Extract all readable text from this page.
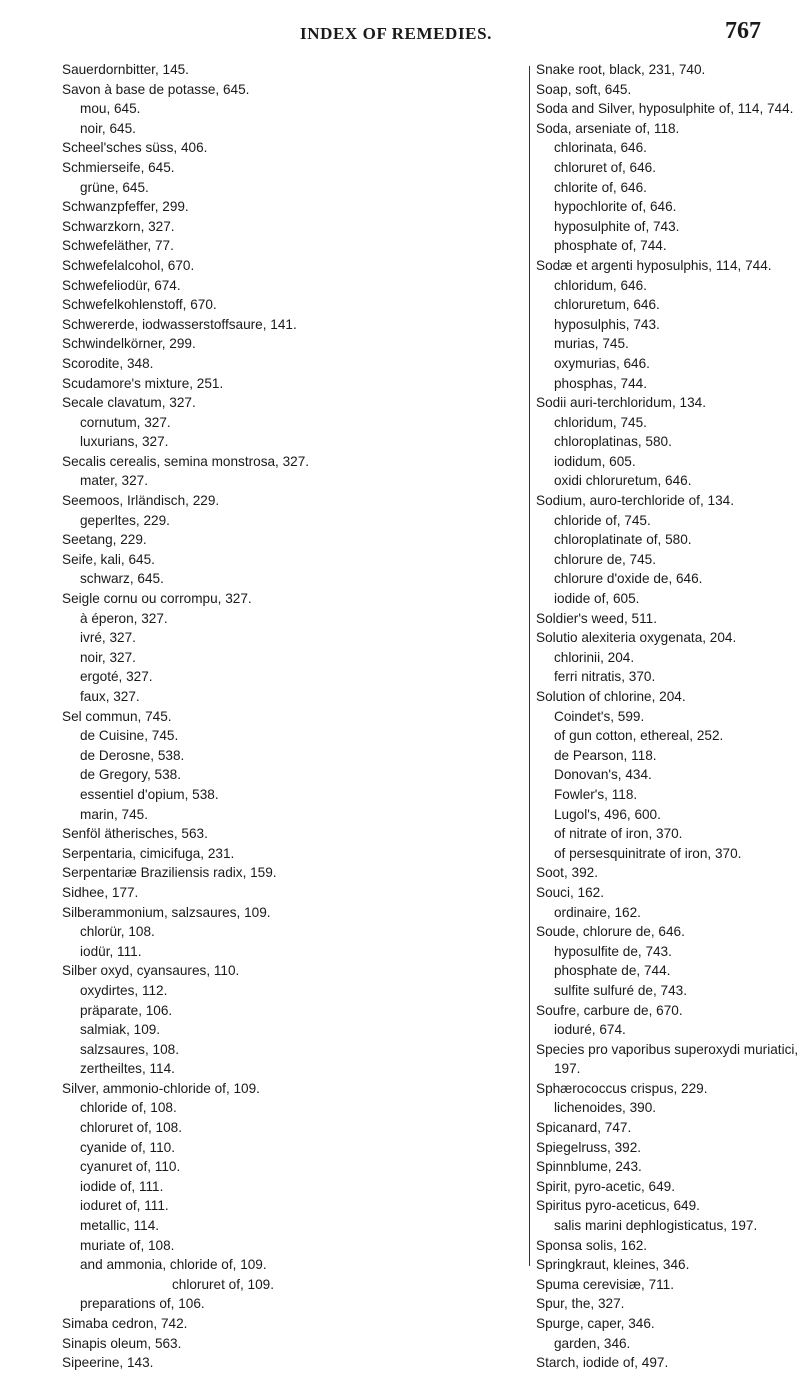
INDEX OF REMEDIES.	767
Sauerdornbitter, 145.
Savon à base de potasse, 645.
mou, 645.
noir, 645.
Scheel'sches süss, 406.
Schmierseife, 645.
grüne, 645.
Schwanzpfeffer, 299.
Schwarzkorn, 327.
Schwefeläther, 77.
Schwefelalcohol, 670.
Schwefeliodür, 674.
Schwefelkohlenstoff, 670.
Schwererde, iodwasserstoffsaure, 141.
Schwindelkörner, 299.
Scorodite, 348.
Scudamore's mixture, 251.
Secale clavatum, 327.
cornutum, 327.
luxurians, 327.
Secalis cerealis, semina monstrosa, 327.
mater, 327.
Seemoos, Irländisch, 229.
geperltes, 229.
Seetang, 229.
Seife, kali, 645.
schwarz, 645.
Seigle cornu ou corrompu, 327.
à éperon, 327.
ivré, 327.
noir, 327.
ergoté, 327.
faux, 327.
Sel commun, 745.
de Cuisine, 745.
de Derosne, 538.
de Gregory, 538.
essentiel d'opium, 538.
marin, 745.
Senföl ätherisches, 563.
Serpentaria, cimicifuga, 231.
Serpentariæ Braziliensis radix, 159.
Sidhee, 177.
Silberammonium, salzsaures, 109.
chlorür, 108.
iodür, 111.
Silber oxyd, cyansaures, 110.
oxydirtes, 112.
präparate, 106.
salmiak, 109.
salzsaures, 108.
zertheiltes, 114.
Silver, ammonio-chloride of, 109.
chloride of, 108.
chloruret of, 108.
cyanide of, 110.
cyanuret of, 110.
iodide of, 111.
ioduret of, 111.
metallic, 114.
muriate of, 108.
and ammonia, chloride of, 109.
chloruret of, 109.
preparations of, 106.
Simaba cedron, 742.
Sinapis oleum, 563.
Sipeerine, 143.
Snake root, black, 231, 740.
Soap, soft, 645.
Soda and Silver, hyposulphite of, 114, 744.
Soda, arseniate of, 118.
chlorinata, 646.
chloruret of, 646.
chlorite of, 646.
hypochlorite of, 646.
hyposulphite of, 743.
phosphate of, 744.
Sodæ et argenti hyposulphis, 114, 744.
chloridum, 646.
chloruretum, 646.
hyposulphis, 743.
murias, 745.
oxymurias, 646.
phosphas, 744.
Sodii auri-terchloridum, 134.
chloridum, 745.
chloroplatinas, 580.
iodidum, 605.
oxidi chloruretum, 646.
Sodium, auro-terchloride of, 134.
chloride of, 745.
chloroplatinate of, 580.
chlorure de, 745.
chlorure d'oxide de, 646.
iodide of, 605.
Soldier's weed, 511.
Solutio alexiteria oxygenata, 204.
chlorinii, 204.
ferri nitratis, 370.
Solution of chlorine, 204.
Coindet's, 599.
of gun cotton, ethereal, 252.
de Pearson, 118.
Donovan's, 434.
Fowler's, 118.
Lugol's, 496, 600.
of nitrate of iron, 370.
of persesquinitrate of iron, 370.
Soot, 392.
Souci, 162.
ordinaire, 162.
Soude, chlorure de, 646.
hyposulfite de, 743.
phosphate de, 744.
sulfite sulfuré de, 743.
Soufre, carbure de, 670.
ioduré, 674.
Species pro vaporibus superoxydi muriatici,
197.
Sphærococcus crispus, 229.
lichenoides, 390.
Spicanard, 747.
Spiegelruss, 392.
Spinnblume, 243.
Spirit, pyro-acetic, 649.
Spiritus pyro-aceticus, 649.
salis marini dephlogisticatus, 197.
Sponsa solis, 162.
Springkraut, kleines, 346.
Spuma cerevisiæ, 711.
Spur, the, 327.
Spurge, caper, 346.
garden, 346.
Starch, iodide of, 497.
